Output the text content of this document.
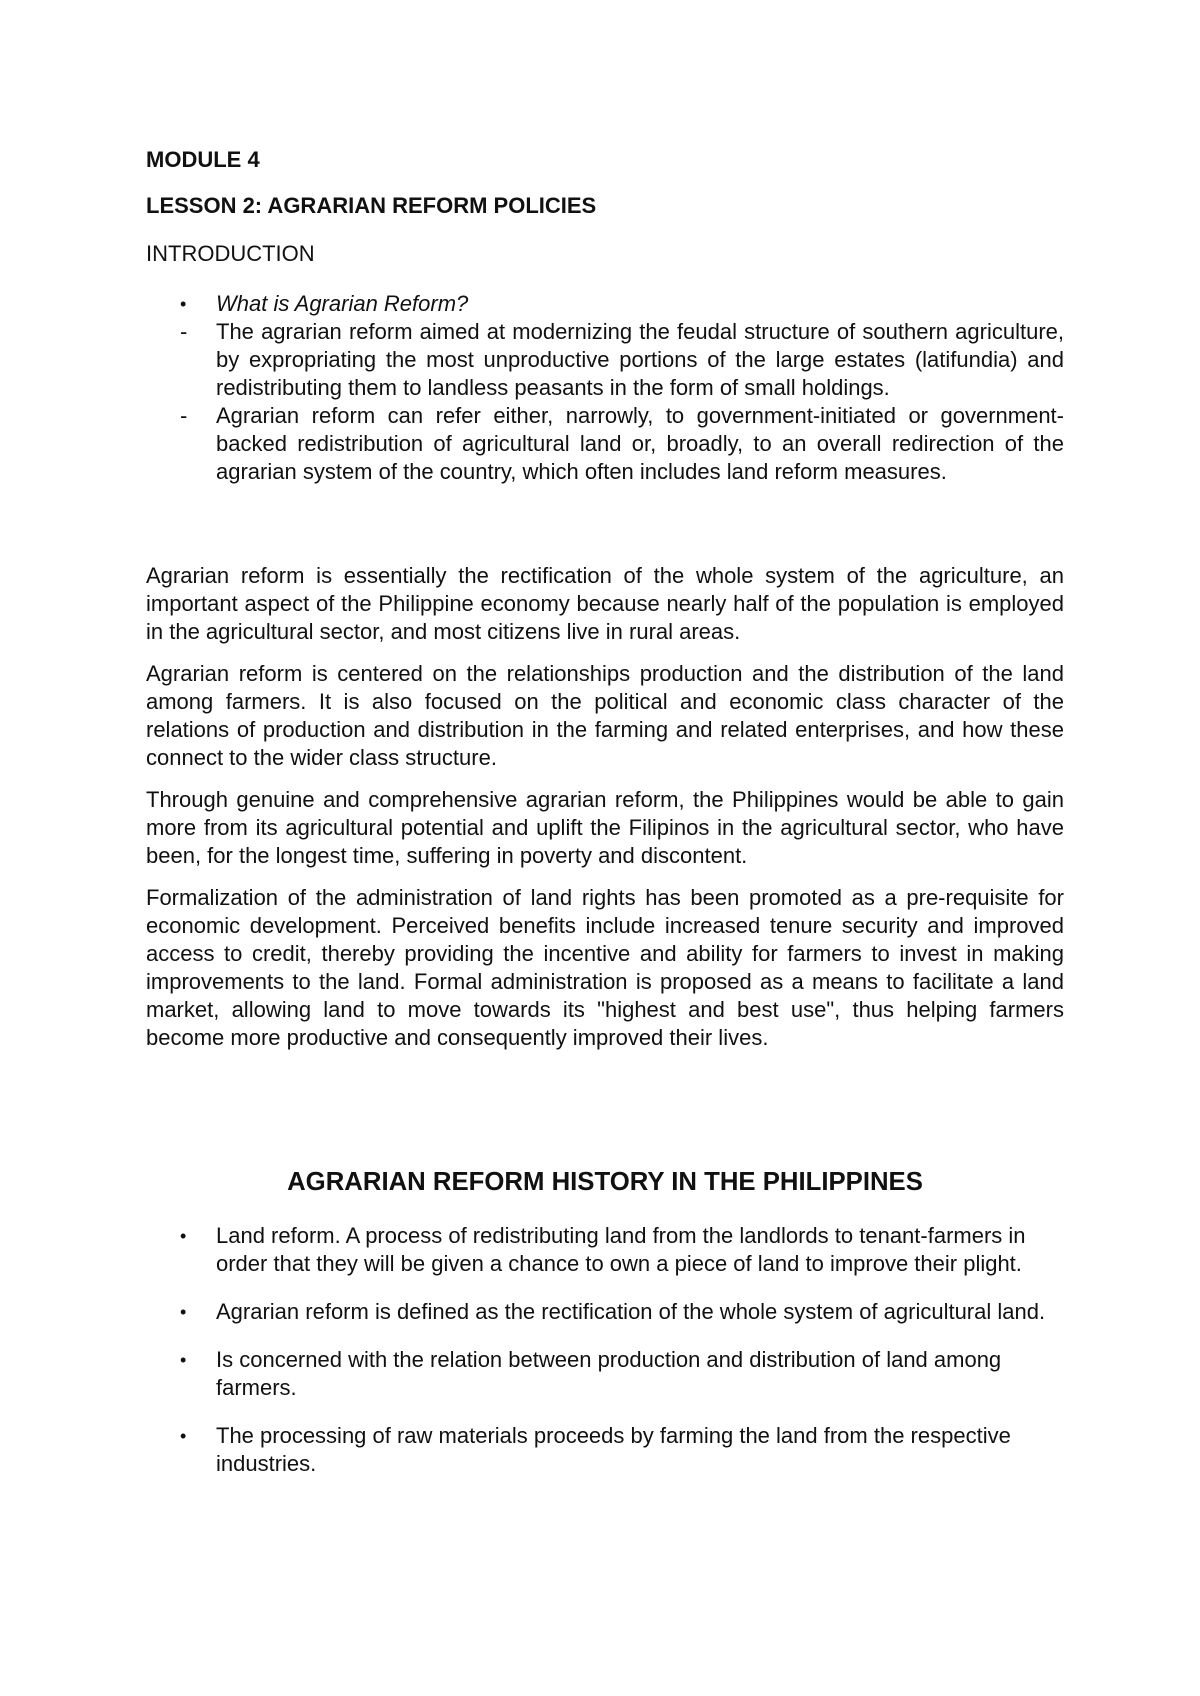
MODULE 4
LESSON 2: AGRARIAN REFORM POLICIES
INTRODUCTION
•	What is Agrarian Reform?
-	The agrarian reform aimed at modernizing the feudal structure of southern agriculture, by expropriating the most unproductive portions of the large estates (latifundia) and redistributing them to landless peasants in the form of small holdings.
-	Agrarian reform can refer either, narrowly, to government-initiated or government-backed redistribution of agricultural land or, broadly, to an overall redirection of the agrarian system of the country, which often includes land reform measures.

Agrarian reform is essentially the rectification of the whole system of the agriculture, an important aspect of the Philippine economy because nearly half of the population is employed in the agricultural sector, and most citizens live in rural areas.

Agrarian reform is centered on the relationships production and the distribution of the land among farmers. It is also focused on the political and economic class character of the relations of production and distribution in the farming and related enterprises, and how these connect to the wider class structure.

Through genuine and comprehensive agrarian reform, the Philippines would be able to gain more from its agricultural potential and uplift the Filipinos in the agricultural sector, who have been, for the longest time, suffering in poverty and discontent.

Formalization of the administration of land rights has been promoted as a pre-requisite for economic development. Perceived benefits include increased tenure security and improved access to credit, thereby providing the incentive and ability for farmers to invest in making improvements to the land. Formal administration is proposed as a means to facilitate a land market, allowing land to move towards its "highest and best use", thus helping farmers become more productive and consequently improved their lives.

AGRARIAN REFORM HISTORY IN THE PHILIPPINES
•	Land reform. A process of redistributing land from the landlords to tenant-farmers in order that they will be given a chance to own a piece of land to improve their plight.
•	Agrarian reform is defined as the rectification of the whole system of agricultural land.
•	Is concerned with the relation between production and distribution of land among farmers.
•	The processing of raw materials proceeds by farming the land from the respective industries.
